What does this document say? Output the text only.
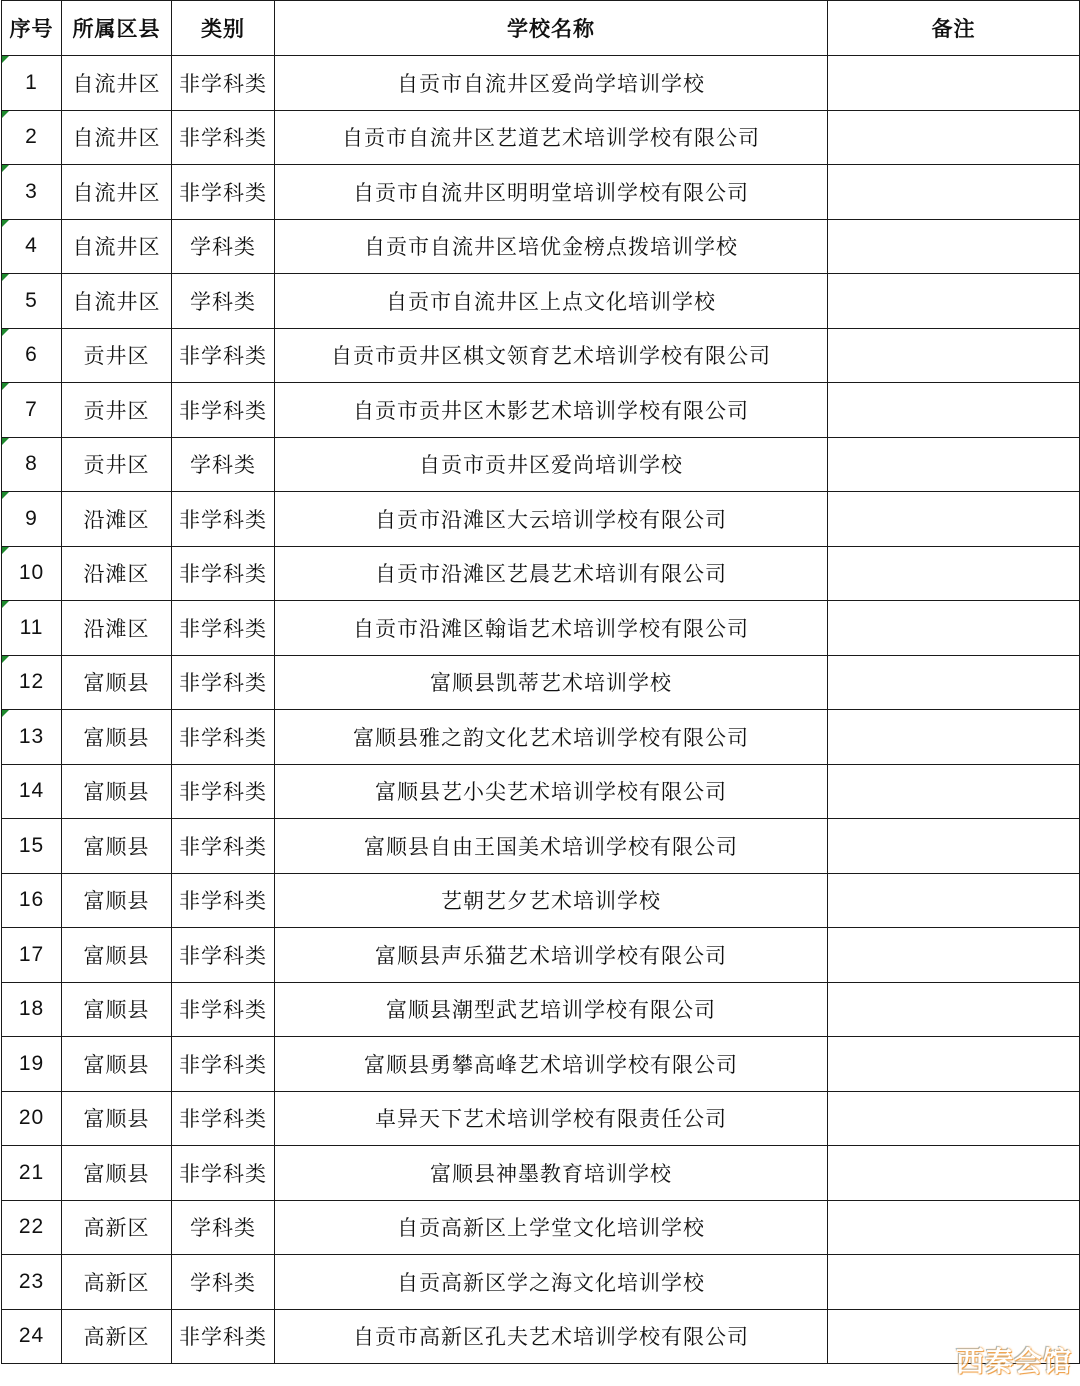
序号	所属区县	类别	学校名称	备注

1	自流井区	非学科类	自贡市自流井区爱尚学培训学校	

2	自流井区	非学科类	自贡市自流井区艺道艺术培训学校有限公司	

3	自流井区	非学科类	自贡市自流井区明明堂培训学校有限公司	

4	自流井区	学科类	自贡市自流井区培优金榜点拨培训学校	

5	自流井区	学科类	自贡市自流井区上点文化培训学校	

6	贡井区	非学科类	自贡市贡井区棋文领育艺术培训学校有限公司	

7	贡井区	非学科类	自贡市贡井区木影艺术培训学校有限公司	

8	贡井区	学科类	自贡市贡井区爱尚培训学校	

9	沿滩区	非学科类	自贡市沿滩区大云培训学校有限公司	

10	沿滩区	非学科类	自贡市沿滩区艺晨艺术培训有限公司	

11	沿滩区	非学科类	自贡市沿滩区翰诣艺术培训学校有限公司	

12	富顺县	非学科类	富顺县凯蒂艺术培训学校	

13	富顺县	非学科类	富顺县雅之韵文化艺术培训学校有限公司	
14	富顺县	非学科类	富顺县艺小尖艺术培训学校有限公司	
15	富顺县	非学科类	富顺县自由王国美术培训学校有限公司	
16	富顺县	非学科类	艺朝艺夕艺术培训学校	
17	富顺县	非学科类	富顺县声乐猫艺术培训学校有限公司	
18	富顺县	非学科类	富顺县潮型武艺培训学校有限公司	
19	富顺县	非学科类	富顺县勇攀高峰艺术培训学校有限公司	
20	富顺县	非学科类	卓异天下艺术培训学校有限责任公司	
21	富顺县	非学科类	富顺县神墨教育培训学校	
22	高新区	学科类	自贡高新区上学堂文化培训学校	
23	高新区	学科类	自贡高新区学之海文化培训学校	
24	高新区	非学科类	自贡市高新区孔夫艺术培训学校有限公司	
西秦会馆
